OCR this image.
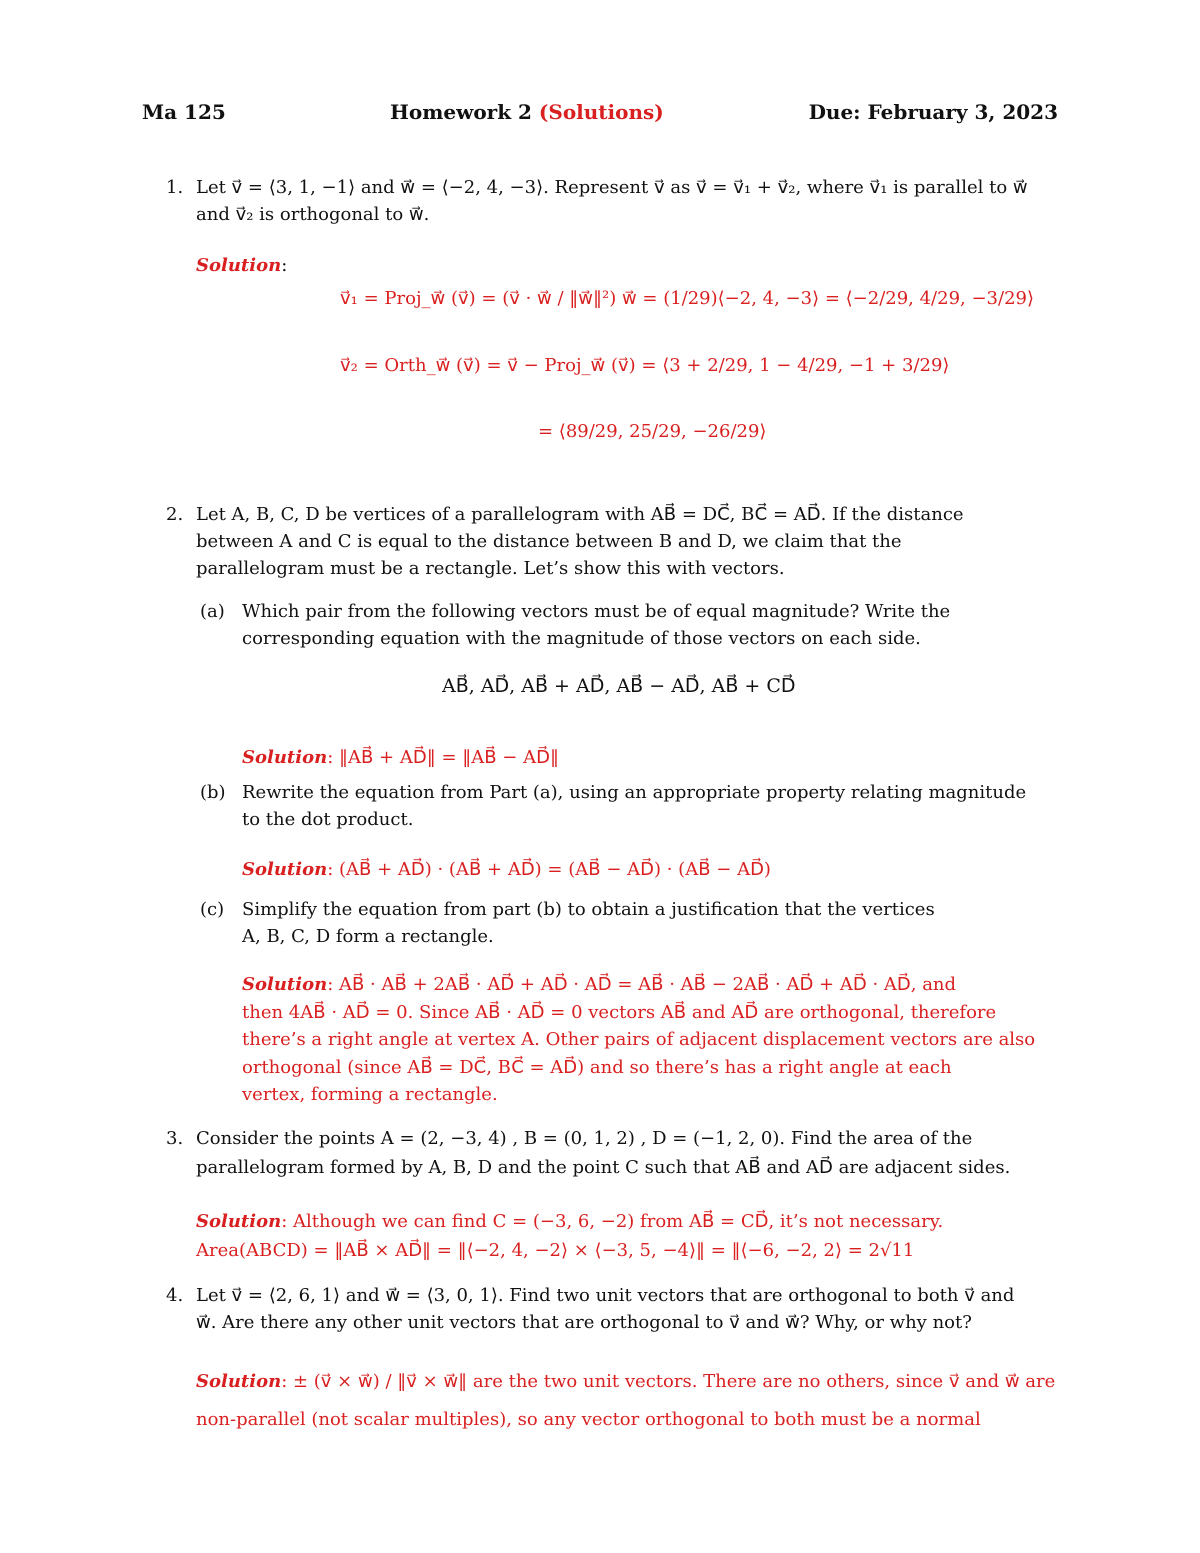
Ma 125	Homework 2 (Solutions)	Due: February 3, 2023
1. Let v⃗ = ⟨3, 1, −1⟩ and w⃗ = ⟨−2, 4, −3⟩. Represent v⃗ as v⃗ = v⃗₁ + v⃗₂, where v⃗₁ is parallel to w⃗
and v⃗₂ is orthogonal to w⃗.
Solution:
v⃗₁ = Proj_w⃗ (v⃗) = (v⃗ · w⃗ / ‖w⃗‖²) w⃗ = (1/29)⟨−2, 4, −3⟩ = ⟨−2/29, 4/29, −3/29⟩
v⃗₂ = Orth_w⃗ (v⃗) = v⃗ − Proj_w⃗ (v⃗) = ⟨3 + 2/29, 1 − 4/29, −1 + 3/29⟩
= ⟨89/29, 25/29, −26/29⟩
2. Let A, B, C, D be vertices of a parallelogram with AB⃗ = DC⃗, BC⃗ = AD⃗. If the distance
between A and C is equal to the distance between B and D, we claim that the
parallelogram must be a rectangle. Let’s show this with vectors.
(a) Which pair from the following vectors must be of equal magnitude? Write the
corresponding equation with the magnitude of those vectors on each side.
AB⃗, AD⃗, AB⃗ + AD⃗, AB⃗ − AD⃗, AB⃗ + CD⃗
Solution: ‖AB⃗ + AD⃗‖ = ‖AB⃗ − AD⃗‖
(b) Rewrite the equation from Part (a), using an appropriate property relating magnitude
to the dot product.
Solution: (AB⃗ + AD⃗) · (AB⃗ + AD⃗) = (AB⃗ − AD⃗) · (AB⃗ − AD⃗)
(c) Simplify the equation from part (b) to obtain a justification that the vertices
A, B, C, D form a rectangle.
Solution: AB⃗ · AB⃗ + 2AB⃗ · AD⃗ + AD⃗ · AD⃗ = AB⃗ · AB⃗ − 2AB⃗ · AD⃗ + AD⃗ · AD⃗, and
then 4AB⃗ · AD⃗ = 0. Since AB⃗ · AD⃗ = 0 vectors AB⃗ and AD⃗ are orthogonal, therefore
there’s a right angle at vertex A. Other pairs of adjacent displacement vectors are also
orthogonal (since AB⃗ = DC⃗, BC⃗ = AD⃗) and so there’s has a right angle at each
vertex, forming a rectangle.
3. Consider the points A = (2, −3, 4) , B = (0, 1, 2) , D = (−1, 2, 0). Find the area of the
parallelogram formed by A, B, D and the point C such that AB⃗ and AD⃗ are adjacent sides.
Solution: Although we can find C = (−3, 6, −2) from AB⃗ = CD⃗, it’s not necessary.
Area(ABCD) = ‖AB⃗ × AD⃗‖ = ‖⟨−2, 4, −2⟩ × ⟨−3, 5, −4⟩‖ = ‖⟨−6, −2, 2⟩ = 2√11
4. Let v⃗ = ⟨2, 6, 1⟩ and w⃗ = ⟨3, 0, 1⟩. Find two unit vectors that are orthogonal to both v⃗ and
w⃗. Are there any other unit vectors that are orthogonal to v⃗ and w⃗? Why, or why not?
Solution: ± (v⃗ × w⃗) / ‖v⃗ × w⃗‖ are the two unit vectors. There are no others, since v⃗ and w⃗ are
non-parallel (not scalar multiples), so any vector orthogonal to both must be a normal
